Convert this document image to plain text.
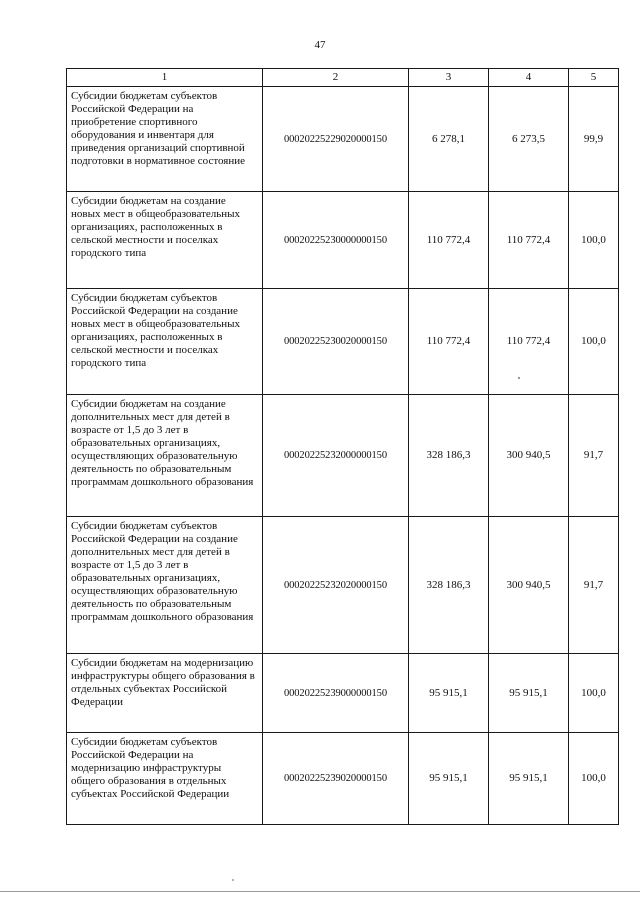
47
1	2	3	4	5
Субсидии бюджетам субъектов Российской Федерации на приобретение спортивного оборудования и инвентаря для приведения организаций спортивной подготовки в нормативное состояние	00020225229020000150	6 278,1	6 273,5	99,9
Субсидии бюджетам на создание новых мест в общеобразовательных организациях, расположенных в сельской местности и поселках городского типа	00020225230000000150	110 772,4	110 772,4	100,0
Субсидии бюджетам субъектов Российской Федерации на создание новых мест в общеобразовательных организациях, расположенных в сельской местности и поселках городского типа	00020225230020000150	110 772,4	110 772,4	100,0
Субсидии бюджетам на создание дополнительных мест для детей в возрасте от 1,5 до 3 лет в образовательных организациях, осуществляющих образовательную деятельность по образовательным программам дошкольного образования	00020225232000000150	328 186,3	300 940,5	91,7
Субсидии бюджетам субъектов Российской Федерации на создание дополнительных мест для детей в возрасте от 1,5 до 3 лет в образовательных организациях, осуществляющих образовательную деятельность по образовательным программам дошкольного образования	00020225232020000150	328 186,3	300 940,5	91,7
Субсидии бюджетам на модернизацию инфраструктуры общего образования в отдельных субъектах Российской Федерации	00020225239000000150	95 915,1	95 915,1	100,0
Субсидии бюджетам субъектов Российской Федерации на модернизацию инфраструктуры общего образования в отдельных субъектах Российской Федерации	00020225239020000150	95 915,1	95 915,1	100,0
